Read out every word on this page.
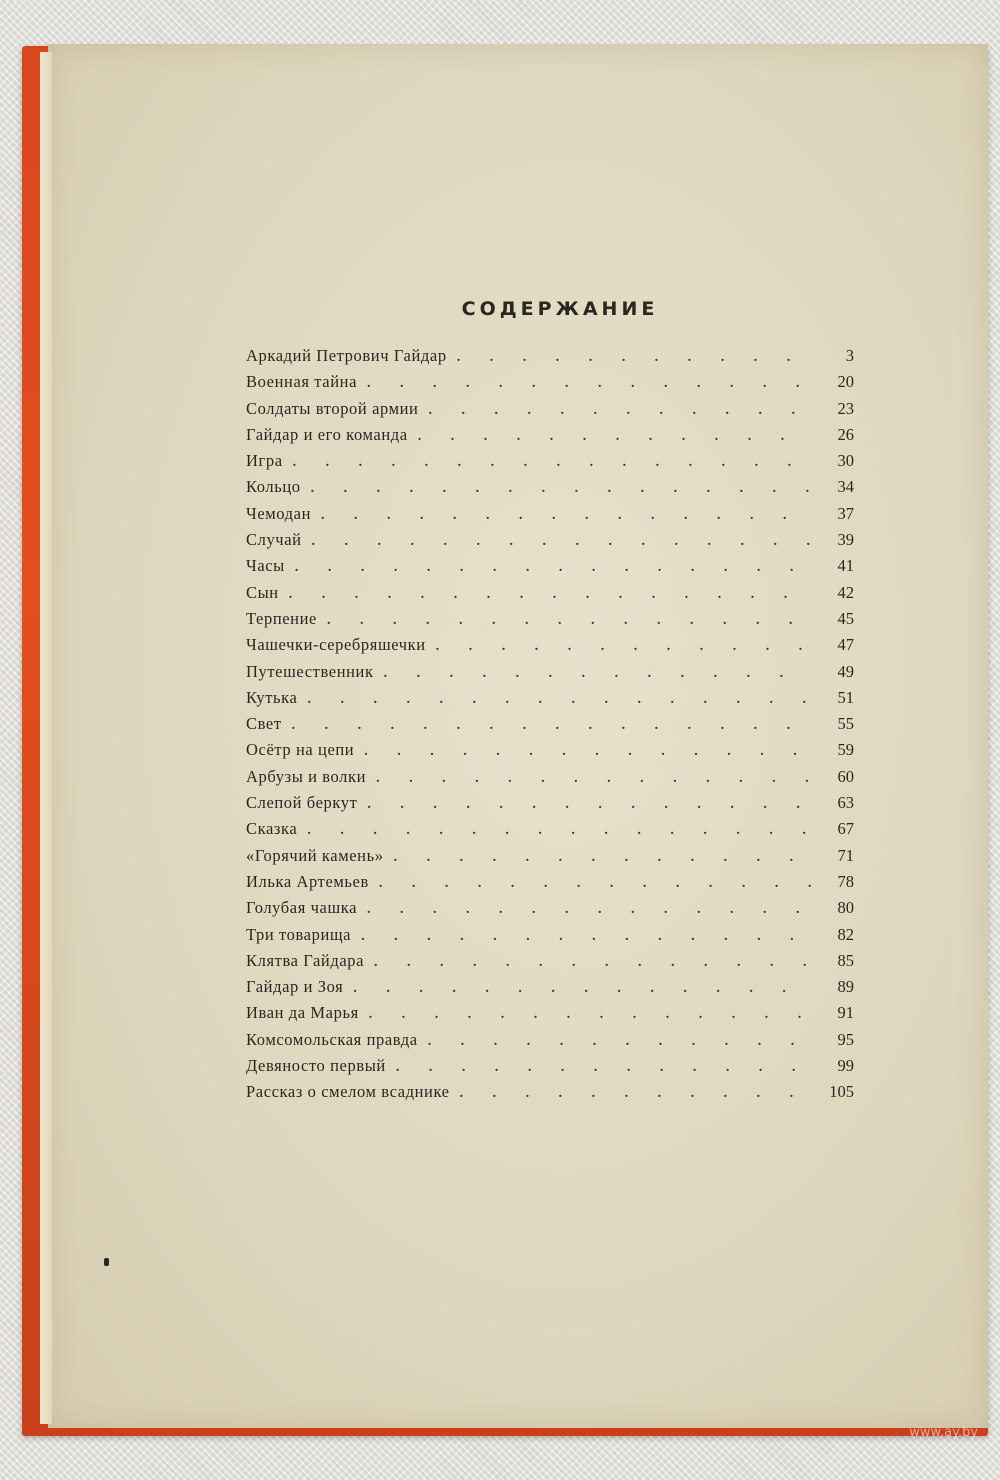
СОДЕРЖАНИЕ
Аркадий Петрович Гайдар . . .	3
Военная тайна . . .	20
Солдаты второй армии . . .	23
Гайдар и его команда . . .	26
Игра . . .	30
Кольцо . . .	34
Чемодан . . .	37
Случай . . .	39
Часы . . .	41
Сын . . .	42
Терпение . . .	45
Чашечки-серебряшечки . . .	47
Путешественник . . .	49
Кутька . . .	51
Свет . . .	55
Осётр на цепи . . .	59
Арбузы и волки . . .	60
Слепой беркут . . .	63
Сказка . . .	67
«Горячий камень» . . .	71
Илька Артемьев . . .	78
Голубая чашка . . .	80
Три товарища . . .	82
Клятва Гайдара . . .	85
Гайдар и Зоя . . .	89
Иван да Марья . . .	91
Комсомольская правда . . .	95
Девяносто первый . . .	99
Рассказ о смелом всаднике . . .	105
www.ay.by
